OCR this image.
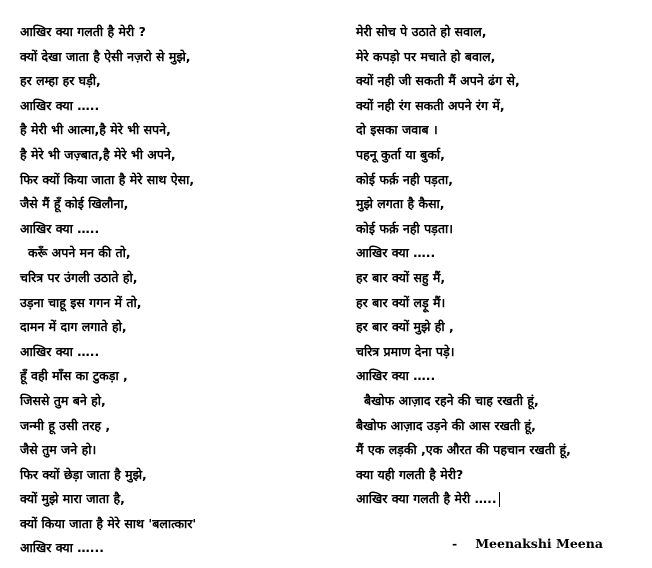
आखिर क्या गलती है मेरी ?
क्यों देखा जाता है ऐसी नज़रो से मुझे,
हर लम्हा हर घड़ी,
आखिर क्या …..
है मेरी भी आत्मा,है मेरे भी सपने,
है मेरे भी जज़्बात,है मेरे भी अपने,
फिर क्यों किया जाता है मेरे साथ ऐसा,
जैसे मैं हूँ कोई खिलौना,
आखिर क्या …..
करूँ अपने मन की तो,
चरित्र पर उंगली उठाते हो,
उड़ना चाहू इस गगन में तो,
दामन में दाग लगाते हो,
आखिर क्या …..
हूँ वही माँस का टुकड़ा ,
जिससे तुम बने हो,
जन्मी हू उसी तरह ,
जैसे तुम जने हो।
फिर क्यों छेड़ा जाता है मुझे,
क्यों मुझे मारा जाता है,
क्यों किया जाता है मेरे साथ 'बलात्कार'
आखिर क्या …...
मेरी सोच पे उठाते हो सवाल,
मेरे कपड़ो पर मचाते हो बवाल,
क्यों नही जी सकती मैं अपने ढंग से,
क्यों नही रंग सकती अपने रंग में,
दो इसका जवाब ।
पहनू कुर्ता या बुर्का,
कोई फर्क़ नही पड़ता,
मुझे लगता है कैसा,
कोई फर्क़ नही पड़ता।
आखिर क्या …..
हर बार क्यों सहु मैं,
हर बार क्यों लड़ू मैं।
हर बार क्यों मुझे ही ,
चरित्र प्रमाण देना पड़े।
आखिर क्या …..
बैखोफ आज़ाद रहने की चाह रखती हूं,
बैखोफ आज़ाद उड़ने की आस रखती हूं,
मैं एक लड़की ,एक औरत की पहचान रखती हूं,
क्या यही गलती है मेरी?
आखिर क्या गलती है मेरी …..
- Meenakshi Meena
